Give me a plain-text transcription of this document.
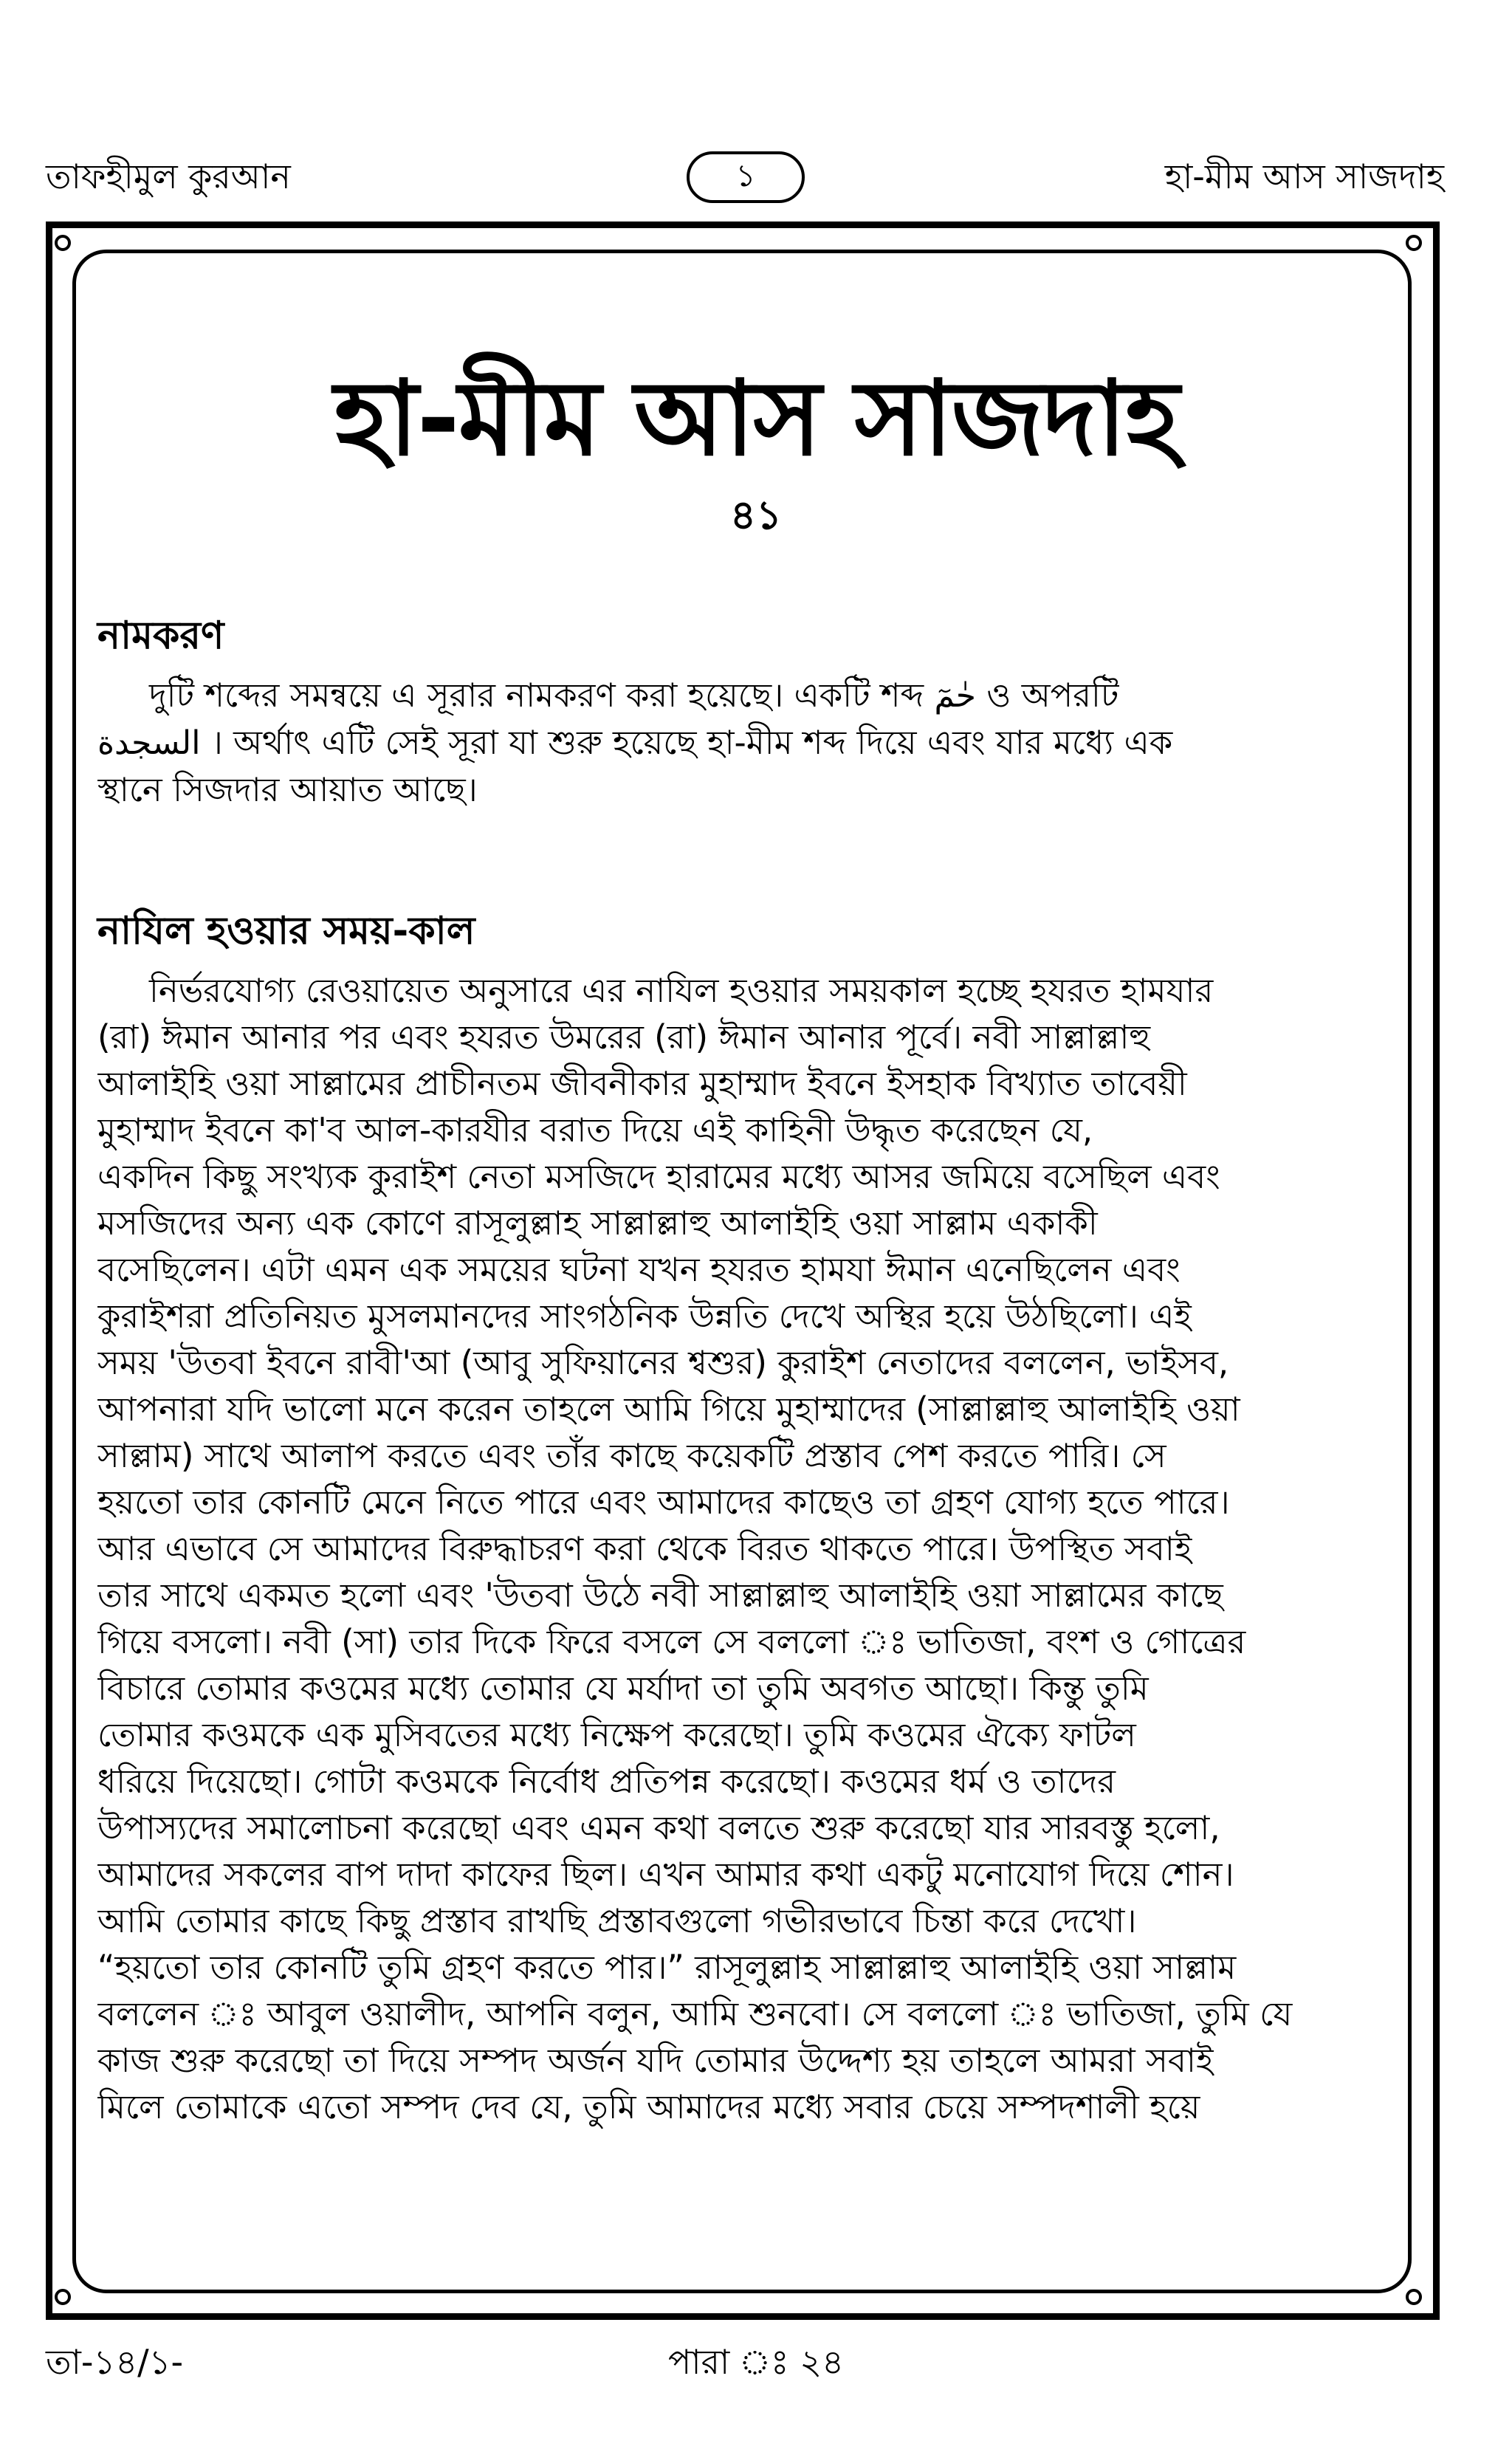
তাফহীমুল কুরআন	১	হা-মীম আস সাজদাহ
হা-মীম আস সাজদাহ
৪১
নামকরণ
দুটি শব্দের সমন্বয়ে এ সূরার নামকরণ করা হয়েছে। একটি শব্দ حٰمٓ ও অপরটি
السجدة । অর্থাৎ এটি সেই সূরা যা শুরু হয়েছে হা-মীম শব্দ দিয়ে এবং যার মধ্যে এক
স্থানে সিজদার আয়াত আছে।
নাযিল হওয়ার সময়-কাল
নির্ভরযোগ্য রেওয়ায়েত অনুসারে এর নাযিল হওয়ার সময়কাল হচ্ছে হযরত হামযার
(রা) ঈমান আনার পর এবং হযরত উমরের (রা) ঈমান আনার পূর্বে। নবী সাল্লাল্লাহু
আলাইহি ওয়া সাল্লামের প্রাচীনতম জীবনীকার মুহাম্মাদ ইবনে ইসহাক বিখ্যাত তাবেয়ী
মুহাম্মাদ ইবনে কা'ব আল-কারযীর বরাত দিয়ে এই কাহিনী উদ্ধৃত করেছেন যে,
একদিন কিছু সংখ্যক কুরাইশ নেতা মসজিদে হারামের মধ্যে আসর জমিয়ে বসেছিল এবং
মসজিদের অন্য এক কোণে রাসূলুল্লাহ সাল্লাল্লাহু আলাইহি ওয়া সাল্লাম একাকী
বসেছিলেন। এটা এমন এক সময়ের ঘটনা যখন হযরত হামযা ঈমান এনেছিলেন এবং
কুরাইশরা প্রতিনিয়ত মুসলমানদের সাংগঠনিক উন্নতি দেখে অস্থির হয়ে উঠছিলো। এই
সময় 'উতবা ইবনে রাবী'আ (আবু সুফিয়ানের শ্বশুর) কুরাইশ নেতাদের বললেন, ভাইসব,
আপনারা যদি ভালো মনে করেন তাহলে আমি গিয়ে মুহাম্মাদের (সাল্লাল্লাহু আলাইহি ওয়া
সাল্লাম) সাথে আলাপ করতে এবং তাঁর কাছে কয়েকটি প্রস্তাব পেশ করতে পারি। সে
হয়তো তার কোনটি মেনে নিতে পারে এবং আমাদের কাছেও তা গ্রহণ যোগ্য হতে পারে।
আর এভাবে সে আমাদের বিরুদ্ধাচরণ করা থেকে বিরত থাকতে পারে। উপস্থিত সবাই
তার সাথে একমত হলো এবং 'উতবা উঠে নবী সাল্লাল্লাহু আলাইহি ওয়া সাল্লামের কাছে
গিয়ে বসলো। নবী (সা) তার দিকে ফিরে বসলে সে বললো ঃ ভাতিজা, বংশ ও গোত্রের
বিচারে তোমার কওমের মধ্যে তোমার যে মর্যাদা তা তুমি অবগত আছো। কিন্তু তুমি
তোমার কওমকে এক মুসিবতের মধ্যে নিক্ষেপ করেছো। তুমি কওমের ঐক্যে ফাটল
ধরিয়ে দিয়েছো। গোটা কওমকে নির্বোধ প্রতিপন্ন করেছো। কওমের ধর্ম ও তাদের
উপাস্যদের সমালোচনা করেছো এবং এমন কথা বলতে শুরু করেছো যার সারবস্তু হলো,
আমাদের সকলের বাপ দাদা কাফের ছিল। এখন আমার কথা একটু মনোযোগ দিয়ে শোন।
আমি তোমার কাছে কিছু প্রস্তাব রাখছি প্রস্তাবগুলো গভীরভাবে চিন্তা করে দেখো।
“হয়তো তার কোনটি তুমি গ্রহণ করতে পার।” রাসূলুল্লাহ সাল্লাল্লাহু আলাইহি ওয়া সাল্লাম
বললেন ঃ আবুল ওয়ালীদ, আপনি বলুন, আমি শুনবো। সে বললো ঃ ভাতিজা, তুমি যে
কাজ শুরু করেছো তা দিয়ে সম্পদ অর্জন যদি তোমার উদ্দেশ্য হয় তাহলে আমরা সবাই
মিলে তোমাকে এতো সম্পদ দেব যে, তুমি আমাদের মধ্যে সবার চেয়ে সম্পদশালী হয়ে
তা-১৪/১-	পারা ঃ ২৪
